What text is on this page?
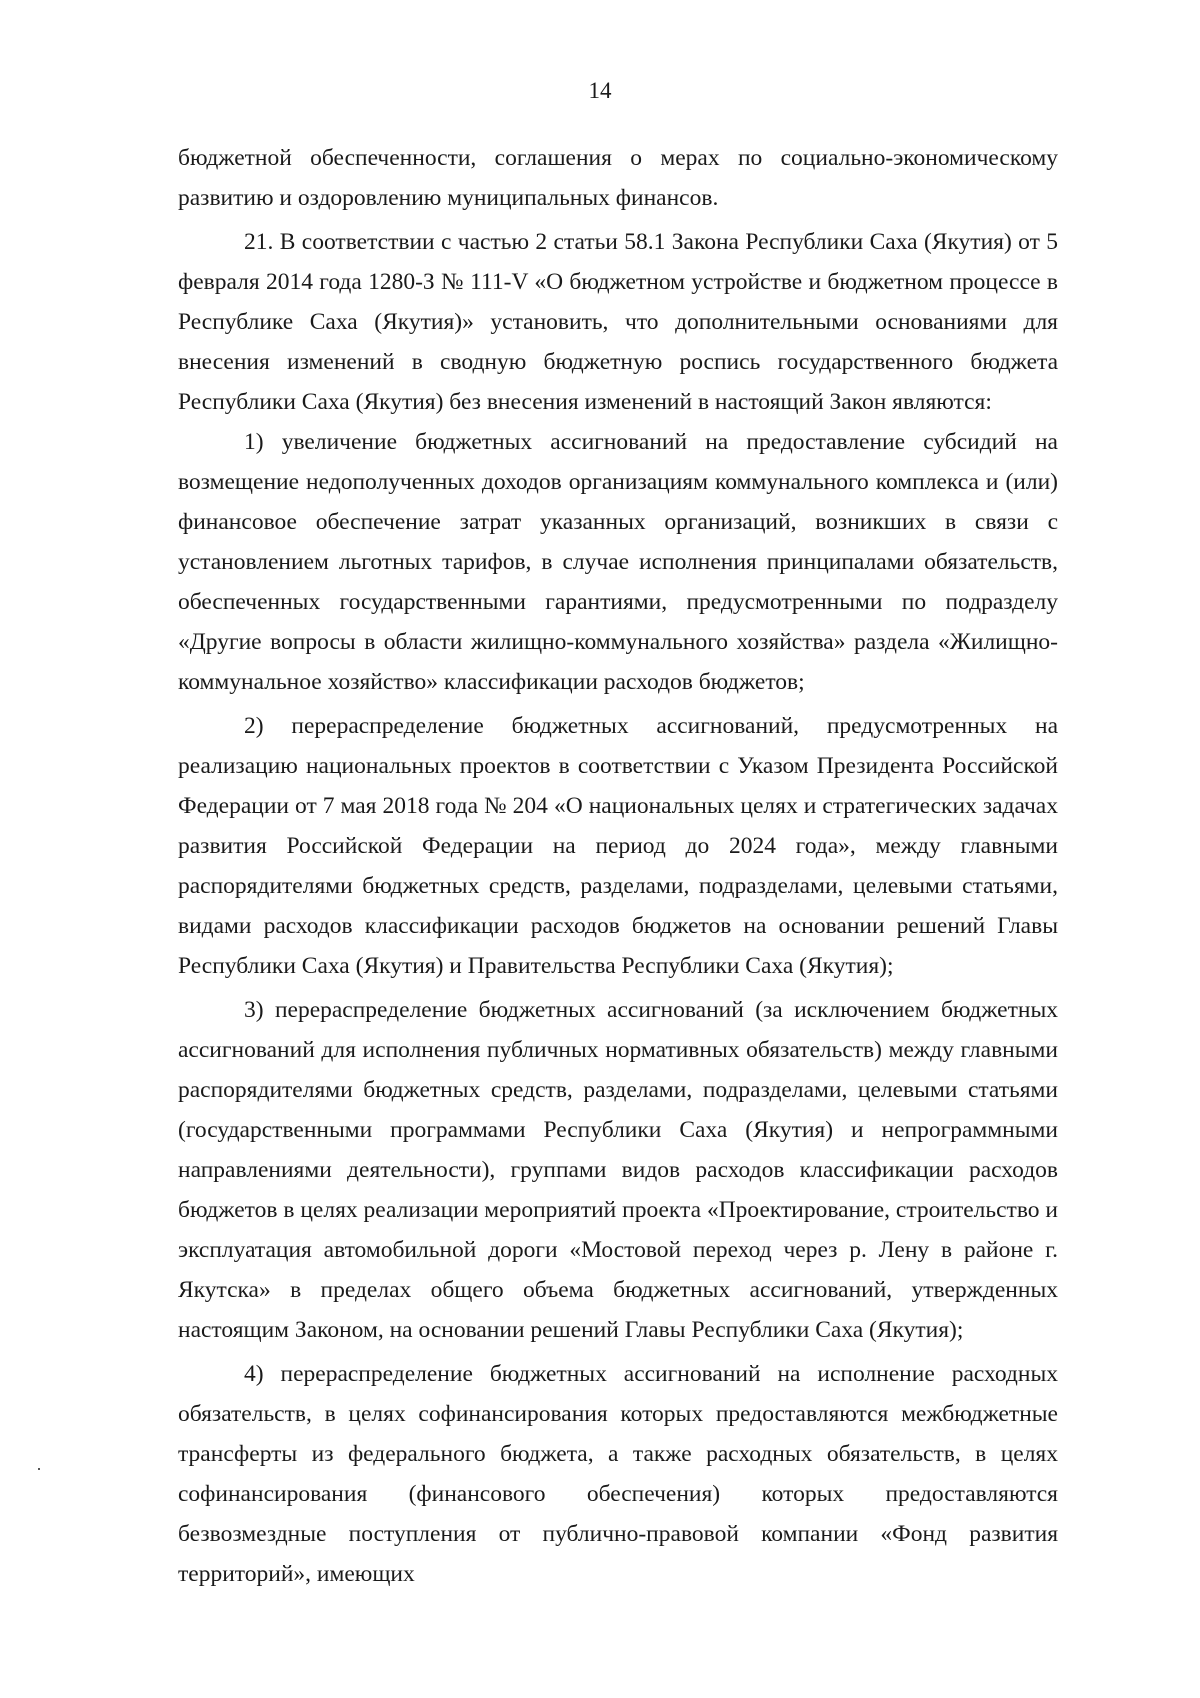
14

бюджетной обеспеченности, соглашения о мерах по социально-экономическому развитию и оздоровлению муниципальных финансов.

21. В соответствии с частью 2 статьи 58.1 Закона Республики Саха (Якутия) от 5 февраля 2014 года 1280-З № 111-V «О бюджетном устройстве и бюджетном процессе в Республике Саха (Якутия)» установить, что дополнительными основаниями для внесения изменений в сводную бюджетную роспись государственного бюджета Республики Саха (Якутия) без внесения изменений в настоящий Закон являются:

1) увеличение бюджетных ассигнований на предоставление субсидий на возмещение недополученных доходов организациям коммунального комплекса и (или) финансовое обеспечение затрат указанных организаций, возникших в связи с установлением льготных тарифов, в случае исполнения принципалами обязательств, обеспеченных государственными гарантиями, предусмотренными по подразделу «Другие вопросы в области жилищно-коммунального хозяйства» раздела «Жилищно-коммунальное хозяйство» классификации расходов бюджетов;

2) перераспределение бюджетных ассигнований, предусмотренных на реализацию национальных проектов в соответствии с Указом Президента Российской Федерации от 7 мая 2018 года № 204 «О национальных целях и стратегических задачах развития Российской Федерации на период до 2024 года», между главными распорядителями бюджетных средств, разделами, подразделами, целевыми статьями, видами расходов классификации расходов бюджетов на основании решений Главы Республики Саха (Якутия) и Правительства Республики Саха (Якутия);

3) перераспределение бюджетных ассигнований (за исключением бюджетных ассигнований для исполнения публичных нормативных обязательств) между главными распорядителями бюджетных средств, разделами, подразделами, целевыми статьями (государственными программами Республики Саха (Якутия) и непрограммными направлениями деятельности), группами видов расходов классификации расходов бюджетов в целях реализации мероприятий проекта «Проектирование, строительство и эксплуатация автомобильной дороги «Мостовой переход через р. Лену в районе г. Якутска» в пределах общего объема бюджетных ассигнований, утвержденных настоящим Законом, на основании решений Главы Республики Саха (Якутия);

4) перераспределение бюджетных ассигнований на исполнение расходных обязательств, в целях софинансирования которых предоставляются межбюджетные трансферты из федерального бюджета, а также расходных обязательств, в целях софинансирования (финансового обеспечения) которых предоставляются безвозмездные поступления от публично-правовой компании «Фонд развития территорий», имеющих
